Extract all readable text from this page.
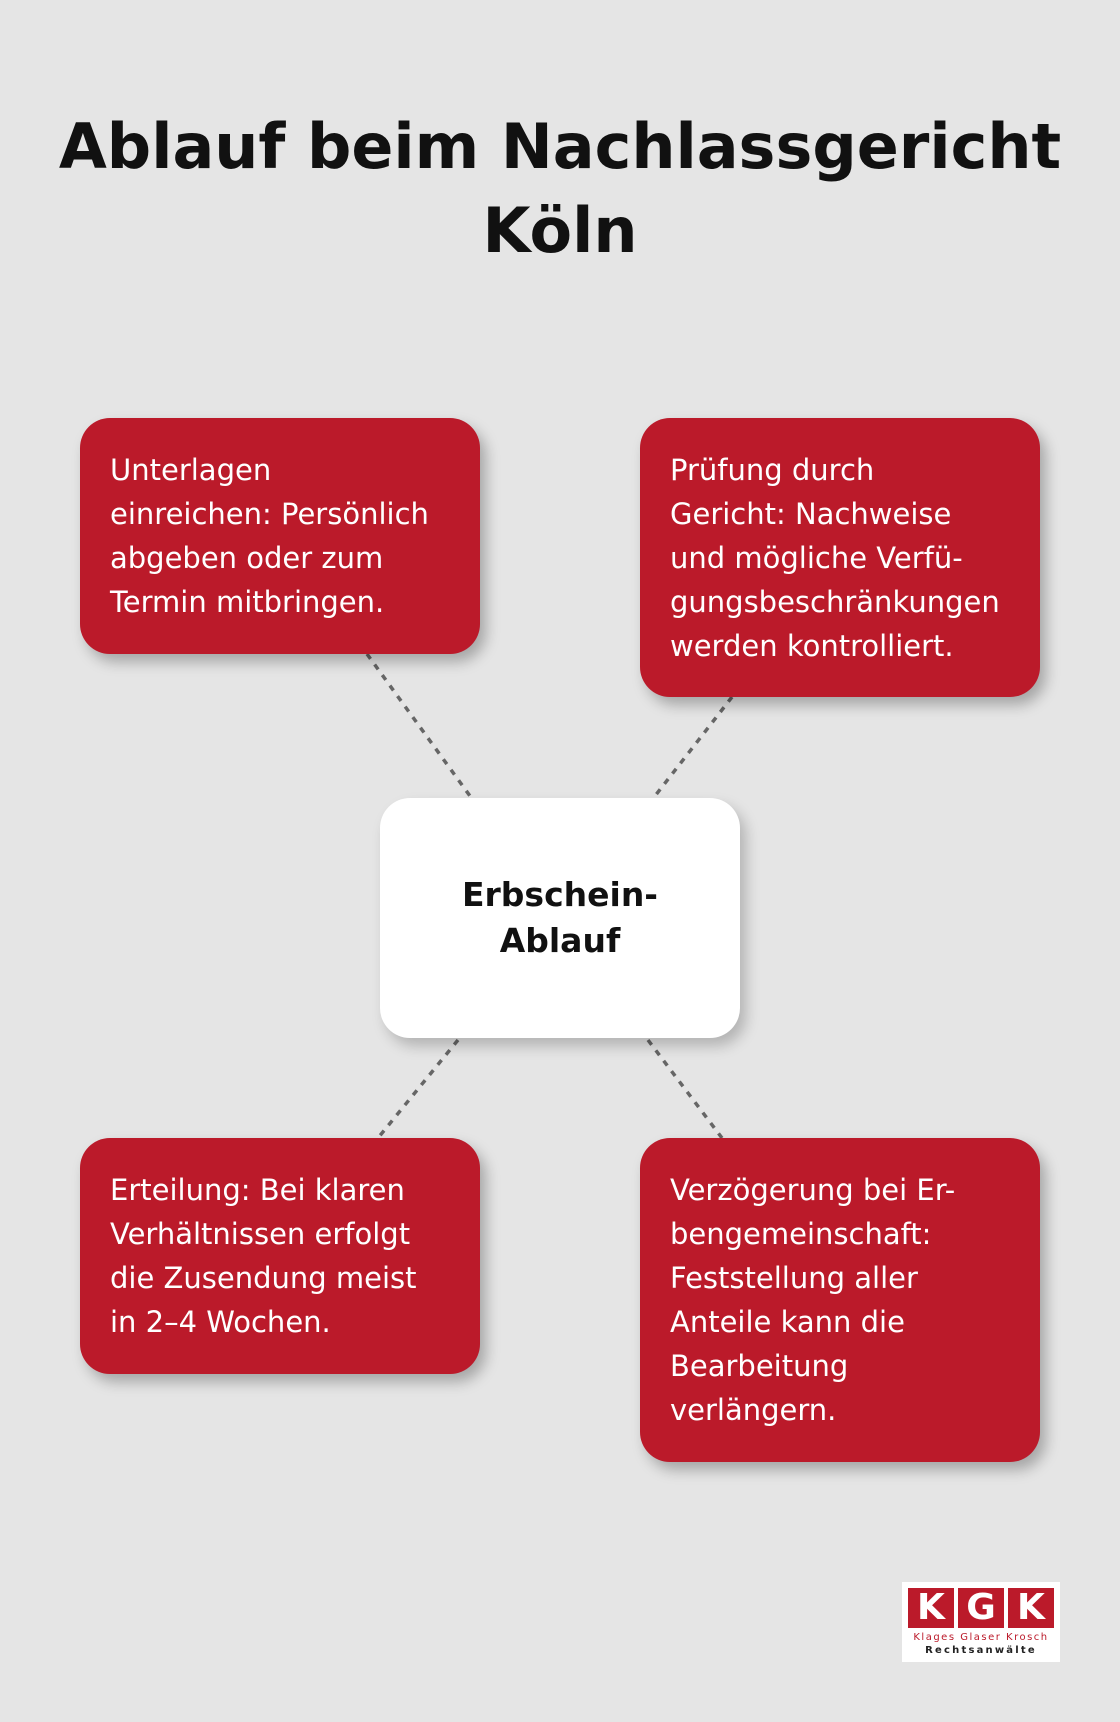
Ablauf beim Nachlassgericht
Köln
Unterlagen
einreichen: Persönlich
abgeben oder zum
Termin mitbringen.
Prüfung durch
Gericht: Nachweise
und mögliche Verfü-
gungsbeschränkungen
werden kontrolliert.
Erbschein-
Ablauf
Erteilung: Bei klaren
Verhältnissen erfolgt
die Zusendung meist
in 2–4 Wochen.
Verzögerung bei Er-
bengemeinschaft:
Feststellung aller
Anteile kann die
Bearbeitung
verlängern.
K G K
Klages Glaser Krosch
Rechtsanwälte
